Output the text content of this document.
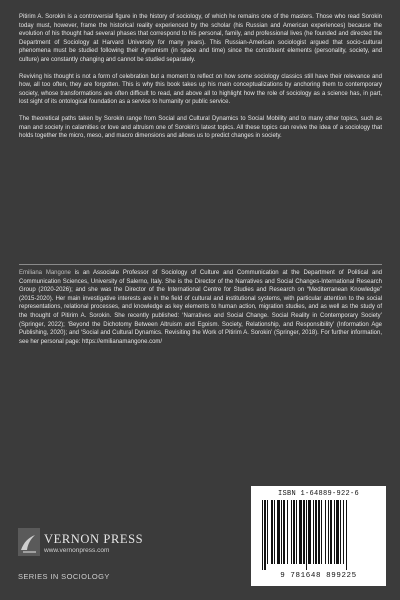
Pitirim A. Sorokin is a controversial figure in the history of sociology, of which he remains one of the masters. Those who read Sorokin today must, however, frame the historical reality experienced by the scholar (his Russian and American experiences) because the evolution of his thought had several phases that correspond to his personal, family, and professional lives (he founded and directed the Department of Sociology at Harvard University for many years). This Russian-American sociologist argued that socio-cultural phenomena must be studied following their dynamism (in space and time) since the constituent elements (personality, society, and culture) are constantly changing and cannot be studied separately.

Reviving his thought is not a form of celebration but a moment to reflect on how some sociology classics still have their relevance and how, all too often, they are forgotten. This is why this book takes up his main conceptualizations by anchoring them to contemporary society, whose transformations are often difficult to read, and above all to highlight how the role of sociology as a science has, in part, lost sight of its ontological foundation as a service to humanity or public service.

The theoretical paths taken by Sorokin range from Social and Cultural Dynamics to Social Mobility and to many other topics, such as man and society in calamities or love and altruism one of Sorokin’s latest topics. All these topics can revive the idea of a sociology that holds together the micro, meso, and macro dimensions and allows us to predict changes in society.

Emiliana Mangone is an Associate Professor of Sociology of Culture and Communication at the Department of Political and Communication Sciences, University of Salerno, Italy. She is the Director of the Narratives and Social Changes-International Research Group (2020-2026); and she was the Director of the International Centre for Studies and Research on “Mediterranean Knowledge” (2015-2020). Her main investigative interests are in the field of cultural and institutional systems, with particular attention to the social representations, relational processes, and knowledge as key elements to human action, migration studies, and as well as the study of the thought of Pitirim A. Sorokin. She recently published: ‘Narratives and Social Change. Social Reality in Contemporary Society’ (Springer, 2022); ‘Beyond the Dichotomy Between Altruism and Egoism. Society, Relationship, and Responsibility’ (Information Age Publishing, 2020); and ‘Social and Cultural Dynamics. Revisiting the Work of Pitirim A. Sorokin’ (Springer, 2018). For further information, see her personal page: https://emilianamangone.com/
ISBN 1-64889-922-6
9 781648 899225
VERNON PRESS
www.vernonpress.com
SERIES IN SOCIOLOGY
